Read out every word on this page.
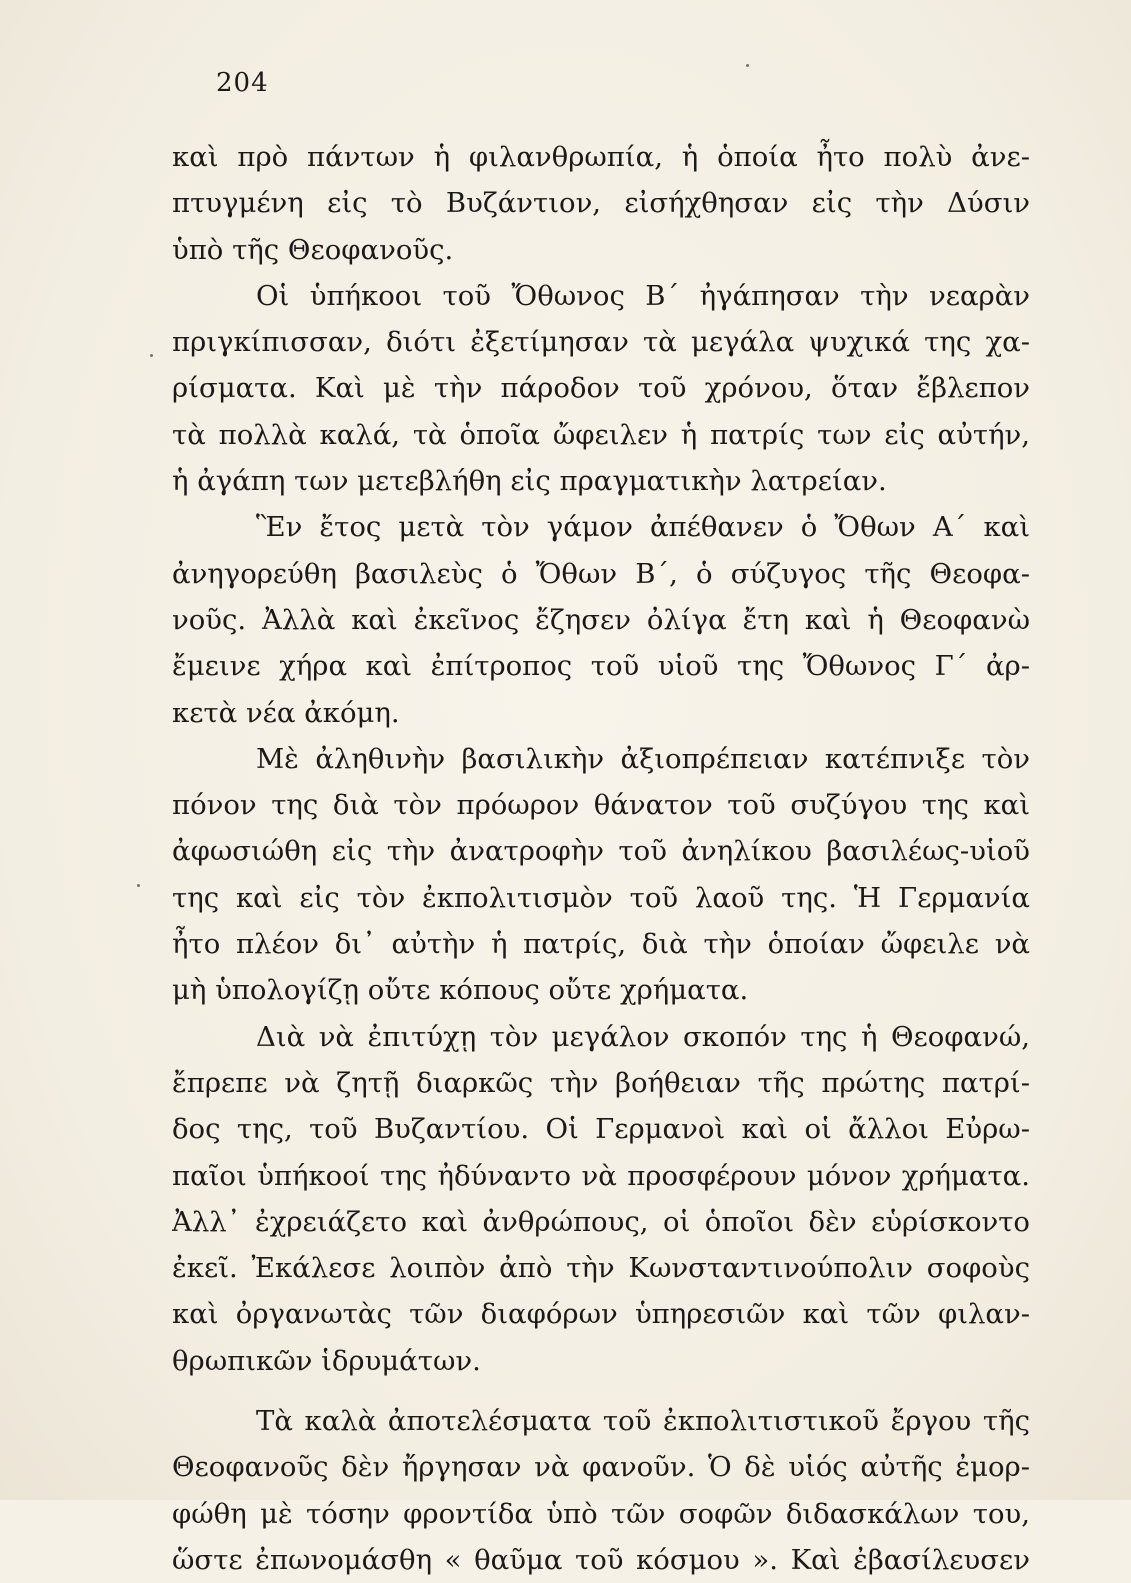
204
καὶ πρὸ πάντων ἡ φιλανθρωπία, ἡ ὁποία ἦτο πολὺ ἀνε-
πτυγμένη εἰς τὸ Βυζάντιον, εἰσήχθησαν εἰς τὴν Δύσιν
ὑπὸ τῆς Θεοφανοῦς.
Οἱ ὑπήκοοι τοῦ Ὄθωνος Β´ ἠγάπησαν τὴν νεαρὰν
πριγκίπισσαν, διότι ἐξετίμησαν τὰ μεγάλα ψυχικά της χα-
ρίσματα. Καὶ μὲ τὴν πάροδον τοῦ χρόνου, ὅταν ἔβλεπον
τὰ πολλὰ καλά, τὰ ὁποῖα ὤφειλεν ἡ πατρίς των εἰς αὐτήν,
ἡ ἀγάπη των μετεβλήθη εἰς πραγματικὴν λατρείαν.
Ἓν ἔτος μετὰ τὸν γάμον ἀπέθανεν ὁ Ὄθων Α´ καὶ
ἀνηγορεύθη βασιλεὺς ὁ Ὄθων Β´, ὁ σύζυγος τῆς Θεοφα-
νοῦς. Ἀλλὰ καὶ ἐκεῖνος ἔζησεν ὀλίγα ἔτη καὶ ἡ Θεοφανὼ
ἔμεινε χήρα καὶ ἐπίτροπος τοῦ υἱοῦ της Ὄθωνος Γ´ ἀρ-
κετὰ νέα ἀκόμη.
Μὲ ἀληθινὴν βασιλικὴν ἀξιοπρέπειαν κατέπνιξε τὸν
πόνον της διὰ τὸν πρόωρον θάνατον τοῦ συζύγου της καὶ
ἀφωσιώθη εἰς τὴν ἀνατροφὴν τοῦ ἀνηλίκου βασιλέως-υἱοῦ
της καὶ εἰς τὸν ἐκπολιτισμὸν τοῦ λαοῦ της. Ἡ Γερμανία
ἦτο πλέον δι᾽ αὐτὴν ἡ πατρίς, διὰ τὴν ὁποίαν ὤφειλε νὰ
μὴ ὑπολογίζῃ οὔτε κόπους οὔτε χρήματα.
Διὰ νὰ ἐπιτύχῃ τὸν μεγάλον σκοπόν της ἡ Θεοφανώ,
ἔπρεπε νὰ ζητῇ διαρκῶς τὴν βοήθειαν τῆς πρώτης πατρί-
δος της, τοῦ Βυζαντίου. Οἱ Γερμανοὶ καὶ οἱ ἄλλοι Εὐρω-
παῖοι ὑπήκοοί της ἠδύναντο νὰ προσφέρουν μόνον χρήματα.
Ἀλλ᾽ ἐχρειάζετο καὶ ἀνθρώπους, οἱ ὁποῖοι δὲν εὑρίσκοντο
ἐκεῖ. Ἐκάλεσε λοιπὸν ἀπὸ τὴν Κωνσταντινούπολιν σοφοὺς
καὶ ὀργανωτὰς τῶν διαφόρων ὑπηρεσιῶν καὶ τῶν φιλαν-
θρωπικῶν ἱδρυμάτων.
Τὰ καλὰ ἀποτελέσματα τοῦ ἐκπολιτιστικοῦ ἔργου τῆς
Θεοφανοῦς δὲν ἤργησαν νὰ φανοῦν. Ὁ δὲ υἱός αὐτῆς ἐμορ-
φώθη μὲ τόσην φροντίδα ὑπὸ τῶν σοφῶν διδασκάλων του,
ὥστε ἐπωνομάσθη « θαῦμα τοῦ κόσμου ». Καὶ ἐβασίλευσεν
